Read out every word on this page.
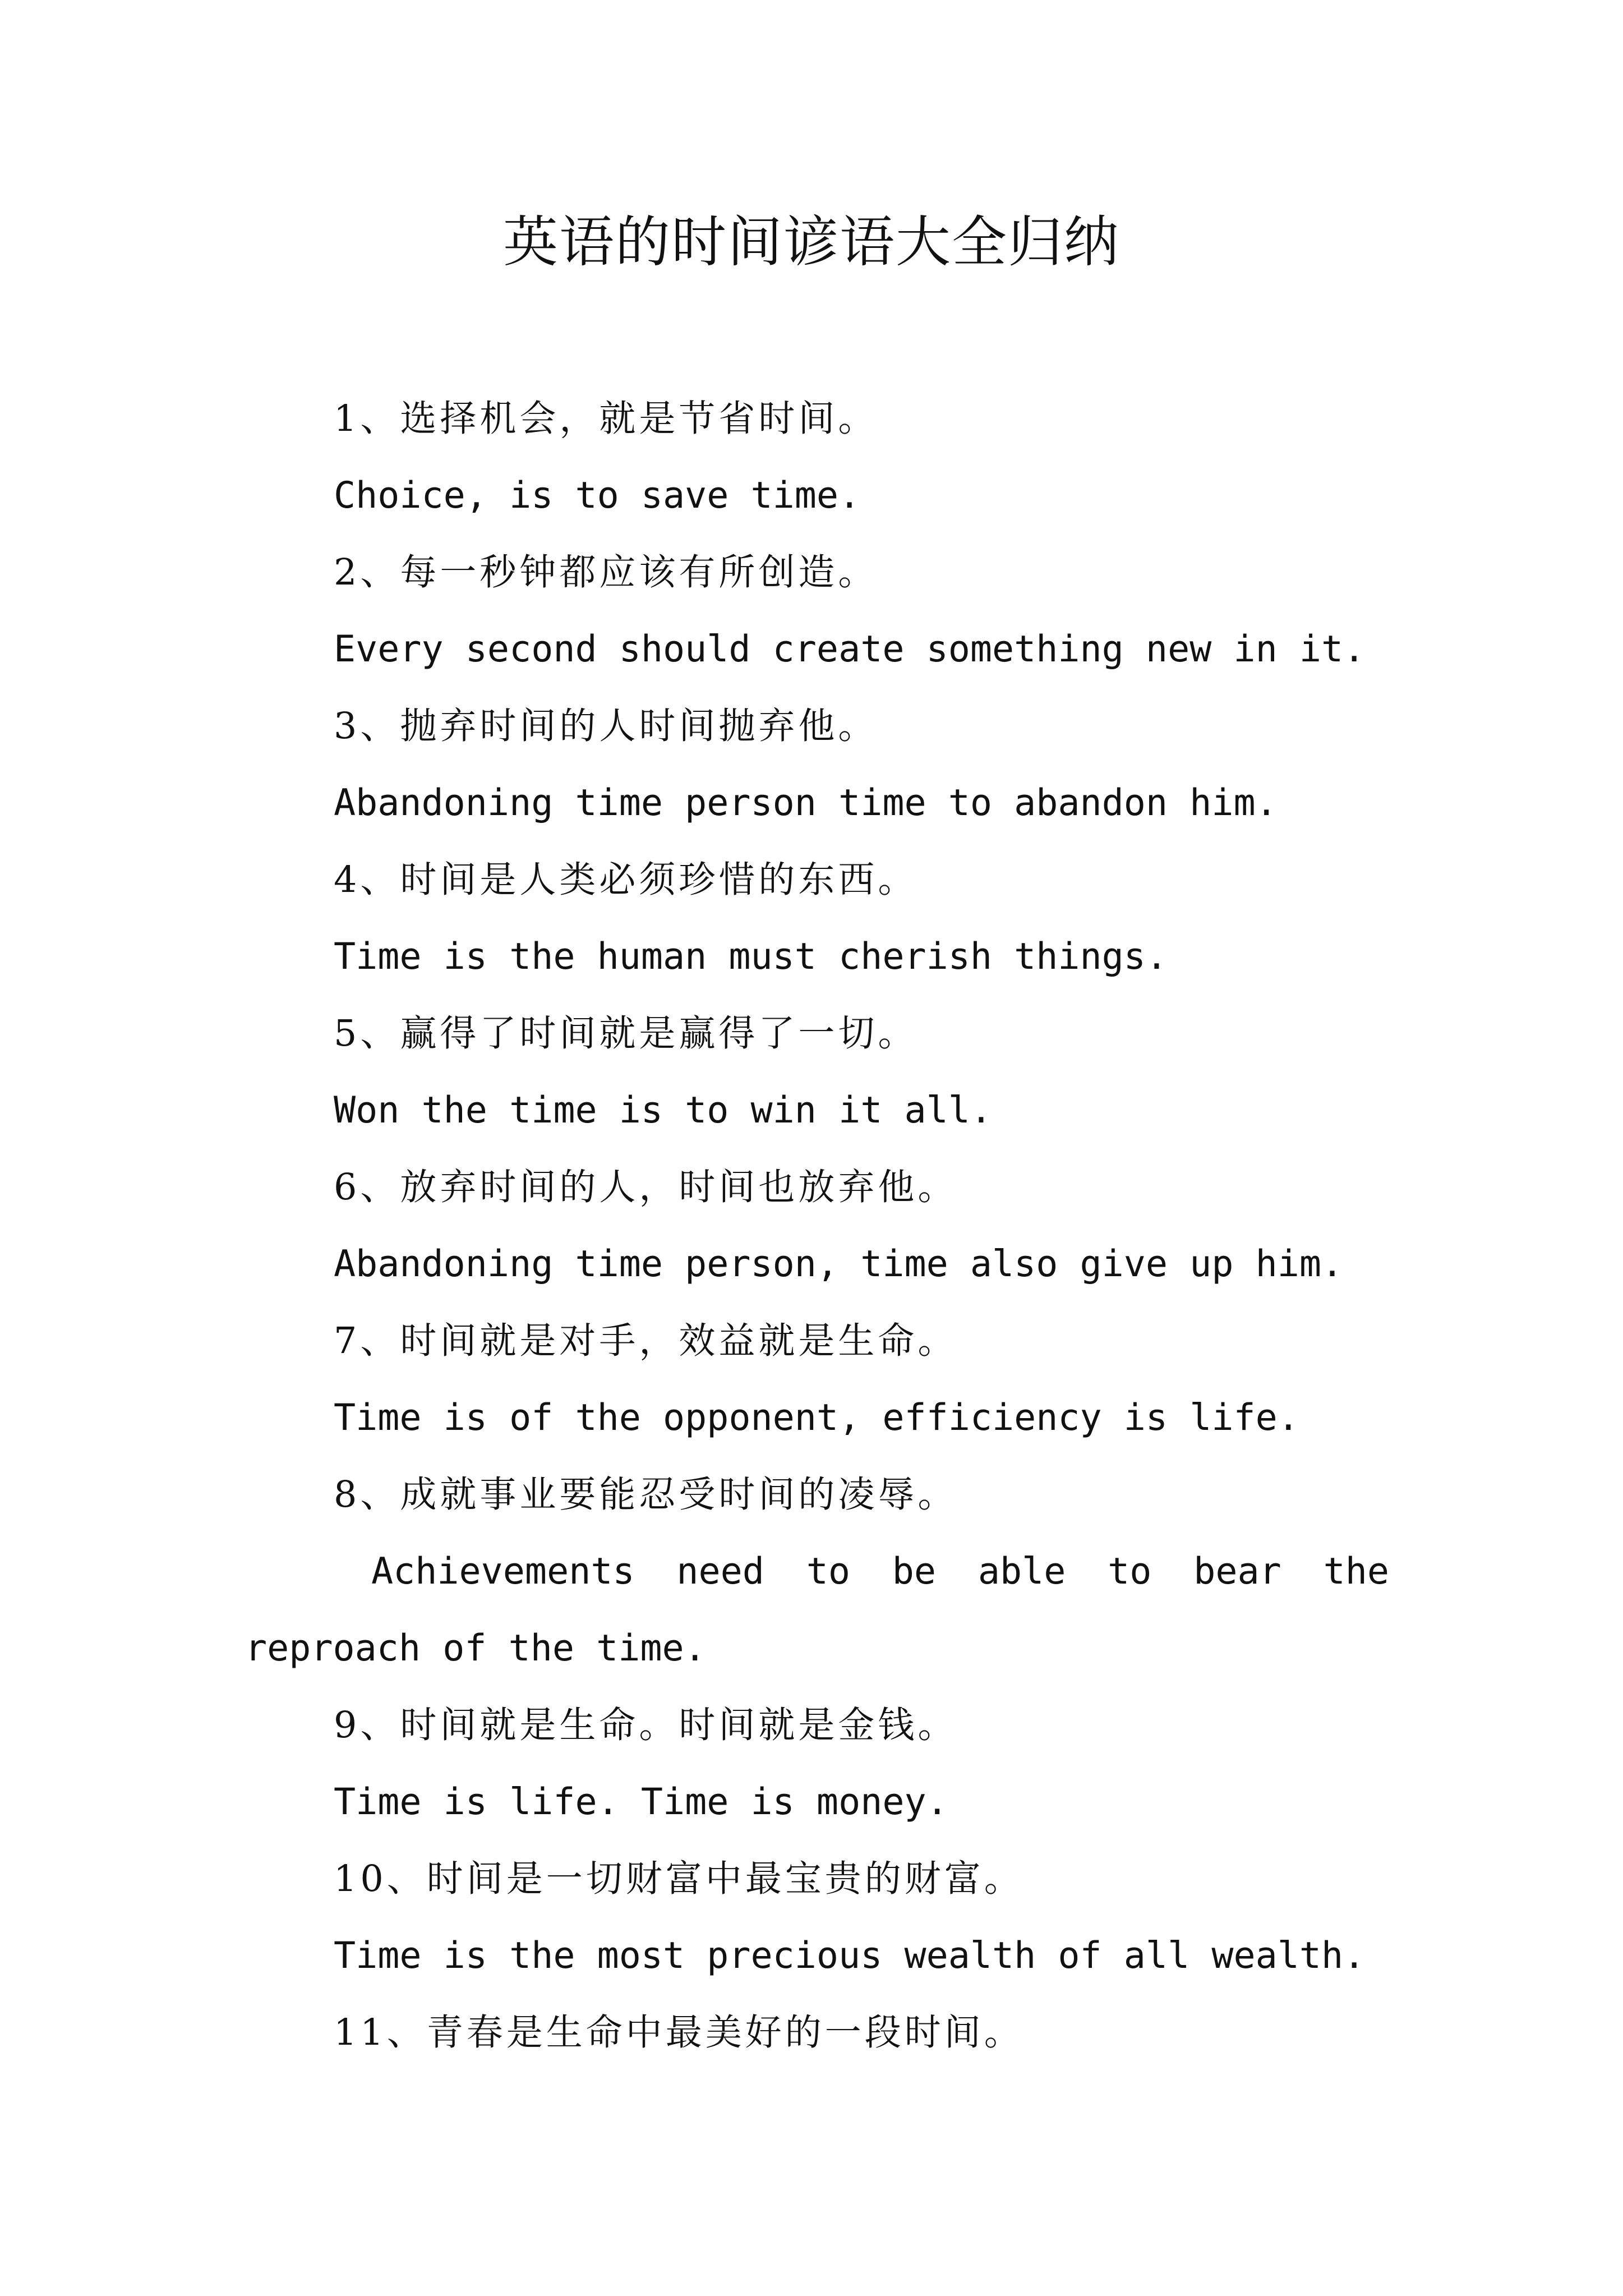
英语的时间谚语大全归纳
1、选择机会，就是节省时间。
Choice, is to save time.
2、每一秒钟都应该有所创造。
Every second should create something new in it.
3、抛弃时间的人时间抛弃他。
Abandoning time person time to abandon him.
4、时间是人类必须珍惜的东西。
Time is the human must cherish things.
5、赢得了时间就是赢得了一切。
Won the time is to win it all.
6、放弃时间的人，时间也放弃他。
Abandoning time person, time also give up him.
7、时间就是对手，效益就是生命。
Time is of the opponent, efficiency is life.
8、成就事业要能忍受时间的凌辱。
Achievements need to be able to bear the
reproach of the time.
9、时间就是生命。时间就是金钱。
Time is life. Time is money.
10、时间是一切财富中最宝贵的财富。
Time is the most precious wealth of all wealth.
11、青春是生命中最美好的一段时间。
